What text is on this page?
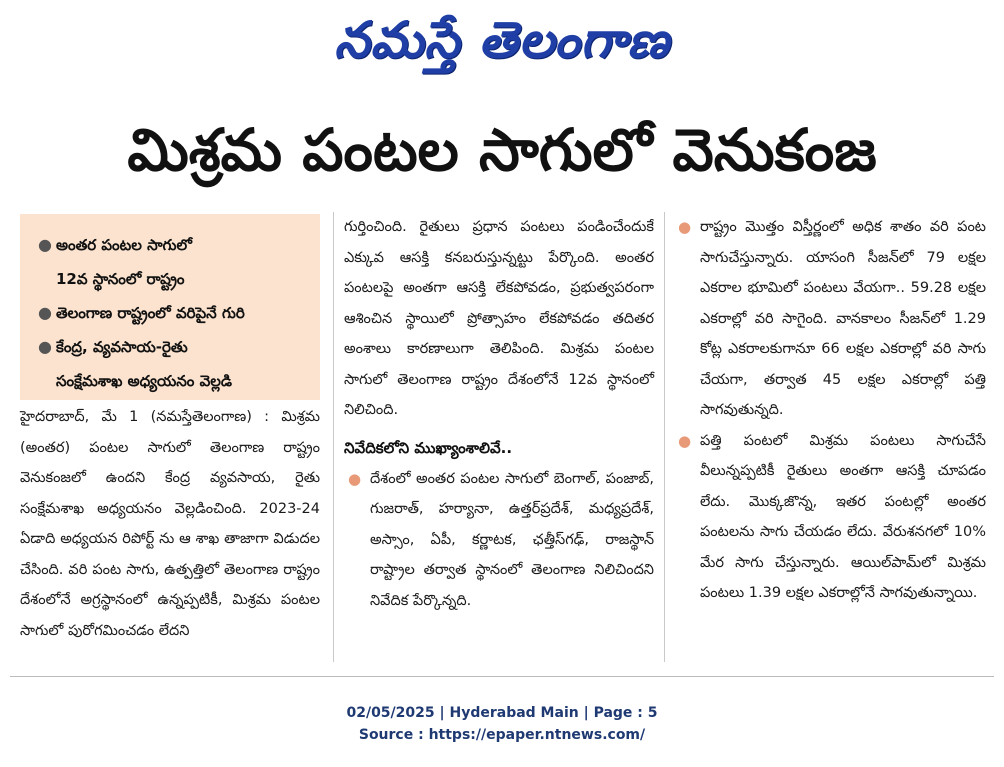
నమస్తే తెలంగాణ
మిశ్రమ పంటల సాగులో వెనుకంజ
● అంతర పంటల సాగులో
12వ స్థానంలో రాష్ట్రం
● తెలంగాణ రాష్ట్రంలో వరిపైనే గురి
● కేంద్ర, వ్యవసాయ-రైతు
సంక్షేమశాఖ అధ్యయనం వెల్లడి

హైదరాబాద్, మే 1 (నమస్తేతెలంగాణ) : మిశ్రమ (అంతర) పంటల సాగులో తెలంగాణ రాష్ట్రం వెనుకంజలో ఉందని కేంద్ర వ్యవసాయ, రైతు సంక్షేమశాఖ అధ్యయనం వెల్లడించింది. 2023-24 ఏడాది అధ్యయన రిపోర్ట్ ను ఆ శాఖ తాజాగా విడుదల చేసింది. వరి పంట సాగు, ఉత్పత్తిలో తెలంగాణ రాష్ట్రం దేశంలోనే అగ్రస్థానంలో ఉన్నప్పటికీ, మిశ్రమ పంటల సాగులో పురోగమించడం లేదని

గుర్తించింది. రైతులు ప్రధాన పంటలు పండించేందుకే ఎక్కువ ఆసక్తి కనబరుస్తున్నట్టు పేర్కొంది. అంతర పంటలపై అంతగా ఆసక్తి లేకపోవడం, ప్రభుత్వపరంగా ఆశించిన స్థాయిలో ప్రోత్సాహం లేకపోవడం తదితర అంశాలు కారణాలుగా తెలిపింది. మిశ్రమ పంటల సాగులో తెలంగాణ రాష్ట్రం దేశంలోనే 12వ స్థానంలో నిలిచింది.

నివేదికలోని ముఖ్యాంశాలివే..

● దేశంలో అంతర పంటల సాగులో బెంగాల్, పంజాబ్, గుజరాత్, హర్యానా, ఉత్తర్‌ప్రదేశ్, మధ్యప్రదేశ్, అస్సాం, ఏపీ, కర్ణాటక, ఛత్తీస్‌గఢ్, రాజస్థాన్ రాష్ట్రాల తర్వాత స్థానంలో తెలంగాణ నిలిచిందని నివేదిక పేర్కొన్నది.

● రాష్ట్రం మొత్తం విస్తీర్ణంలో అధిక శాతం వరి పంట సాగుచేస్తున్నారు. యాసంగి సీజన్‌లో 79 లక్షల ఎకరాల భూమిలో పంటలు వేయగా.. 59.28 లక్షల ఎకరాల్లో వరి సాగైంది. వానకాలం సీజన్‌లో 1.29 కోట్ల ఎకరాలకుగానూ 66 లక్షల ఎకరాల్లో వరి సాగు చేయగా, తర్వాత 45 లక్షల ఎకరాల్లో పత్తి సాగవుతున్నది.

● పత్తి పంటలో మిశ్రమ పంటలు సాగుచేసే వీలున్నప్పటికీ రైతులు అంతగా ఆసక్తి చూపడం లేదు. మొక్కజొన్న, ఇతర పంటల్లో అంతర పంటలను సాగు చేయడం లేదు. వేరుశనగలో 10% మేర సాగు చేస్తున్నారు. ఆయిల్‌పామ్‌లో మిశ్రమ పంటలు 1.39 లక్షల ఎకరాల్లోనే సాగవుతున్నాయి.

02/05/2025 | Hyderabad Main | Page : 5
Source : https://epaper.ntnews.com/
